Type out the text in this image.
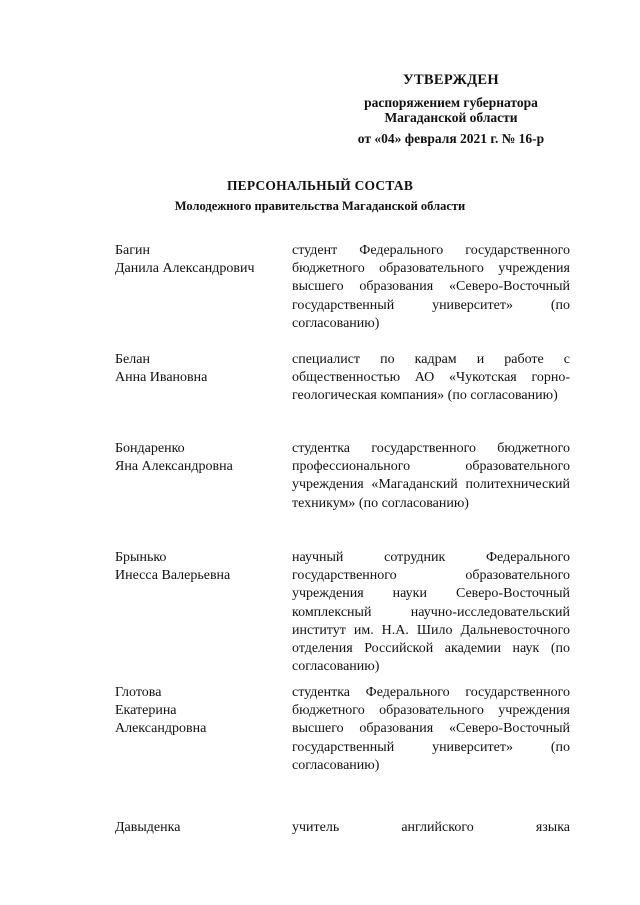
УТВЕРЖДЕН
распоряжением губернатора
Магаданской области
от «04» февраля 2021 г. № 16-р
ПЕРСОНАЛЬНЫЙ СОСТАВ
Молодежного правительства Магаданской области
Багин
Данила Александрович
студент Федерального государственного бюджетного образовательного учреждения высшего образования «Северо-Восточный государственный университет» (по согласованию)
Белан
Анна Ивановна
специалист по кадрам и работе с общественностью АО «Чукотская горно-геологическая компания» (по согласованию)
Бондаренко
Яна Александровна
студентка государственного бюджетного профессионального образовательного учреждения «Магаданский политехнический техникум» (по согласованию)
Брынько
Инесса Валерьевна
научный сотрудник Федерального государственного образовательного учреждения науки Северо-Восточный комплексный научно-исследовательский институт им. Н.А. Шило Дальневосточного отделения Российской академии наук (по согласованию)
Глотова
Екатерина
Александровна
студентка Федерального государственного бюджетного образовательного учреждения высшего образования «Северо-Восточный государственный университет» (по согласованию)
Давыденка	учитель английского языка
